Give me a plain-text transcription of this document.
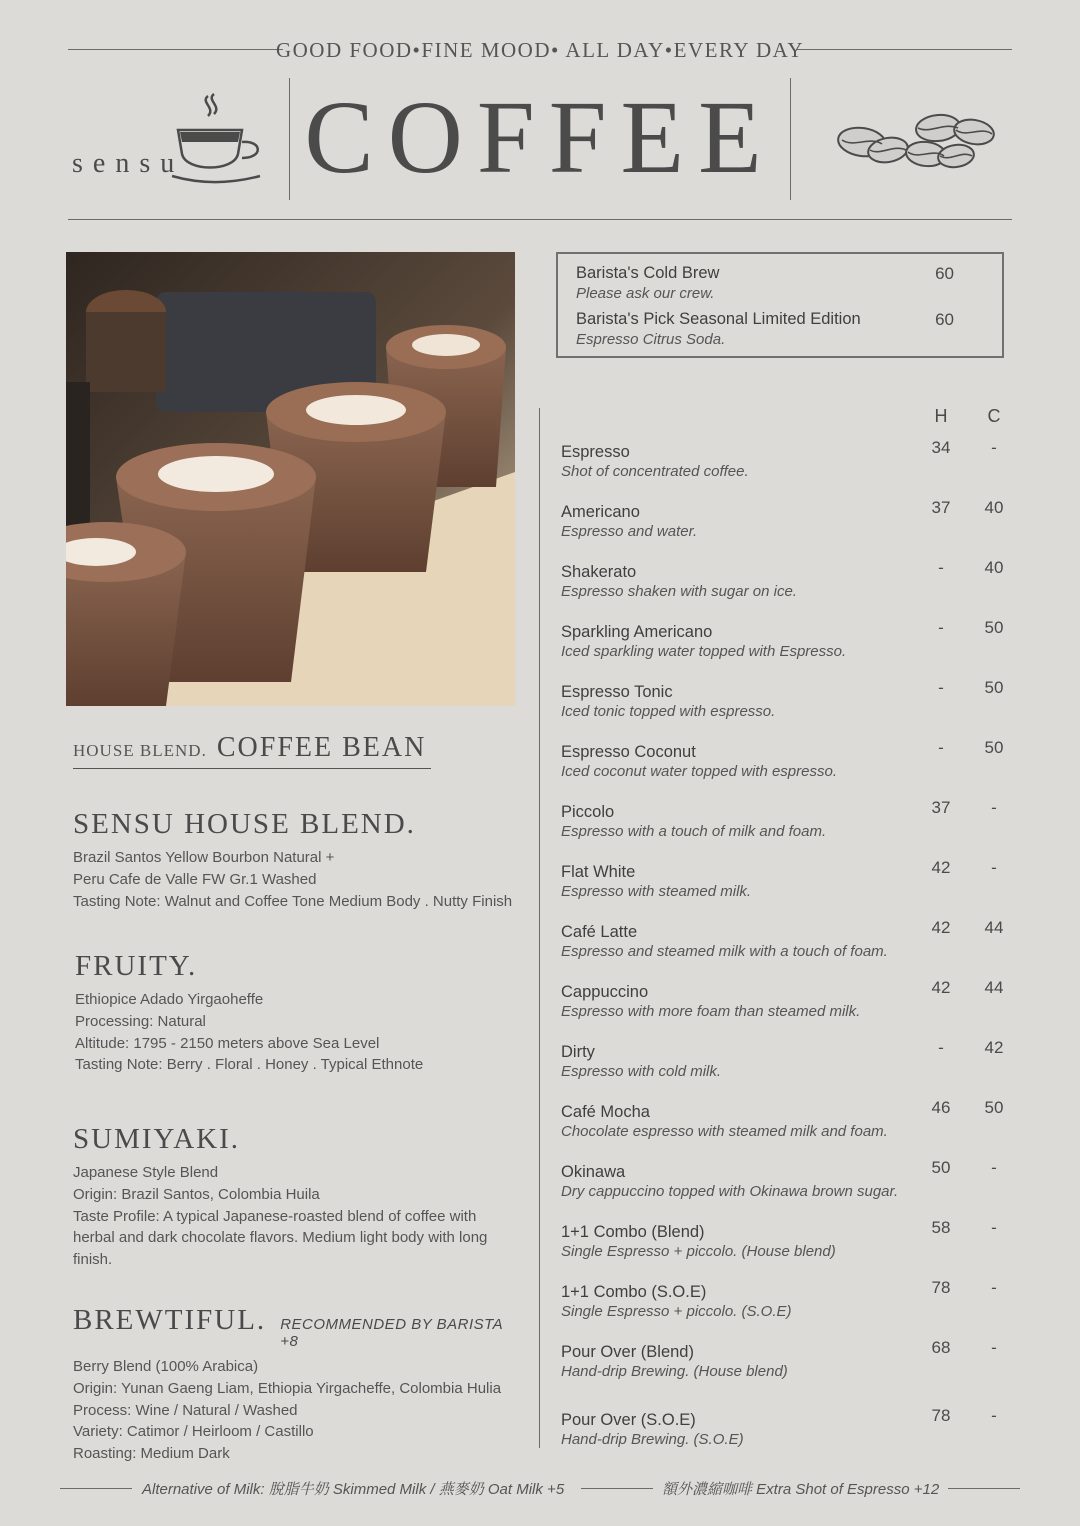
GOOD FOOD•FINE MOOD• ALL DAY•EVERY DAY
sensu COFFEE
HOUSE BLEND. COFFEE BEAN
SENSU HOUSE BLEND.
Brazil Santos Yellow Bourbon Natural +
Peru Cafe de Valle FW Gr.1 Washed
Tasting Note: Walnut and Coffee Tone Medium Body . Nutty Finish
FRUITY.
Ethiopice Adado Yirgaoheffe
Processing: Natural
Altitude: 1795 - 2150 meters above Sea Level
Tasting Note: Berry . Floral . Honey . Typical Ethnote
SUMIYAKI.
Japanese Style Blend
Origin: Brazil Santos, Colombia Huila
Taste Profile: A typical Japanese-roasted blend of coffee with
herbal and dark chocolate flavors. Medium light body with long
finish.
BREWTIFUL. RECOMMENDED BY BARISTA +8
Berry Blend (100% Arabica)
Origin: Yunan Gaeng Liam, Ethiopia Yirgacheffe, Colombia Hulia
Process: Wine / Natural / Washed
Variety: Catimor / Heirloom / Castillo
Roasting: Medium Dark
Barista's Cold Brew
Please ask our crew.
60
Barista's Pick Seasonal Limited Edition
Espresso Citrus Soda.
60
H	C
Espresso
Shot of concentrated coffee.
34	-
Americano
Espresso and water.
37	40
Shakerato
Espresso shaken with sugar on ice.
-	40
Sparkling Americano
Iced sparkling water topped with Espresso.
-	50
Espresso Tonic
Iced tonic topped with espresso.
-	50
Espresso Coconut
Iced coconut water topped with espresso.
-	50
Piccolo
Espresso with a touch of milk and foam.
37	-
Flat White
Espresso with steamed milk.
42	-
Café Latte
Espresso and steamed milk with a touch of foam.
42	44
Cappuccino
Espresso with more foam than steamed milk.
42	44
Dirty
Espresso with cold milk.
-	42
Café Mocha
Chocolate espresso with steamed milk and foam.
46	50
Okinawa
Dry cappuccino topped with Okinawa brown sugar.
50	-
1+1 Combo (Blend)
Single Espresso + piccolo. (House blend)
58	-
1+1 Combo (S.O.E)
Single Espresso + piccolo. (S.O.E)
78	-
Pour Over (Blend)
Hand-drip Brewing. (House blend)
68	-
Pour Over (S.O.E)
Hand-drip Brewing. (S.O.E)
78	-
Alternative of Milk: 脫脂牛奶 Skimmed Milk / 燕麥奶 Oat Milk +5	額外濃縮咖啡 Extra Shot of Espresso +12
